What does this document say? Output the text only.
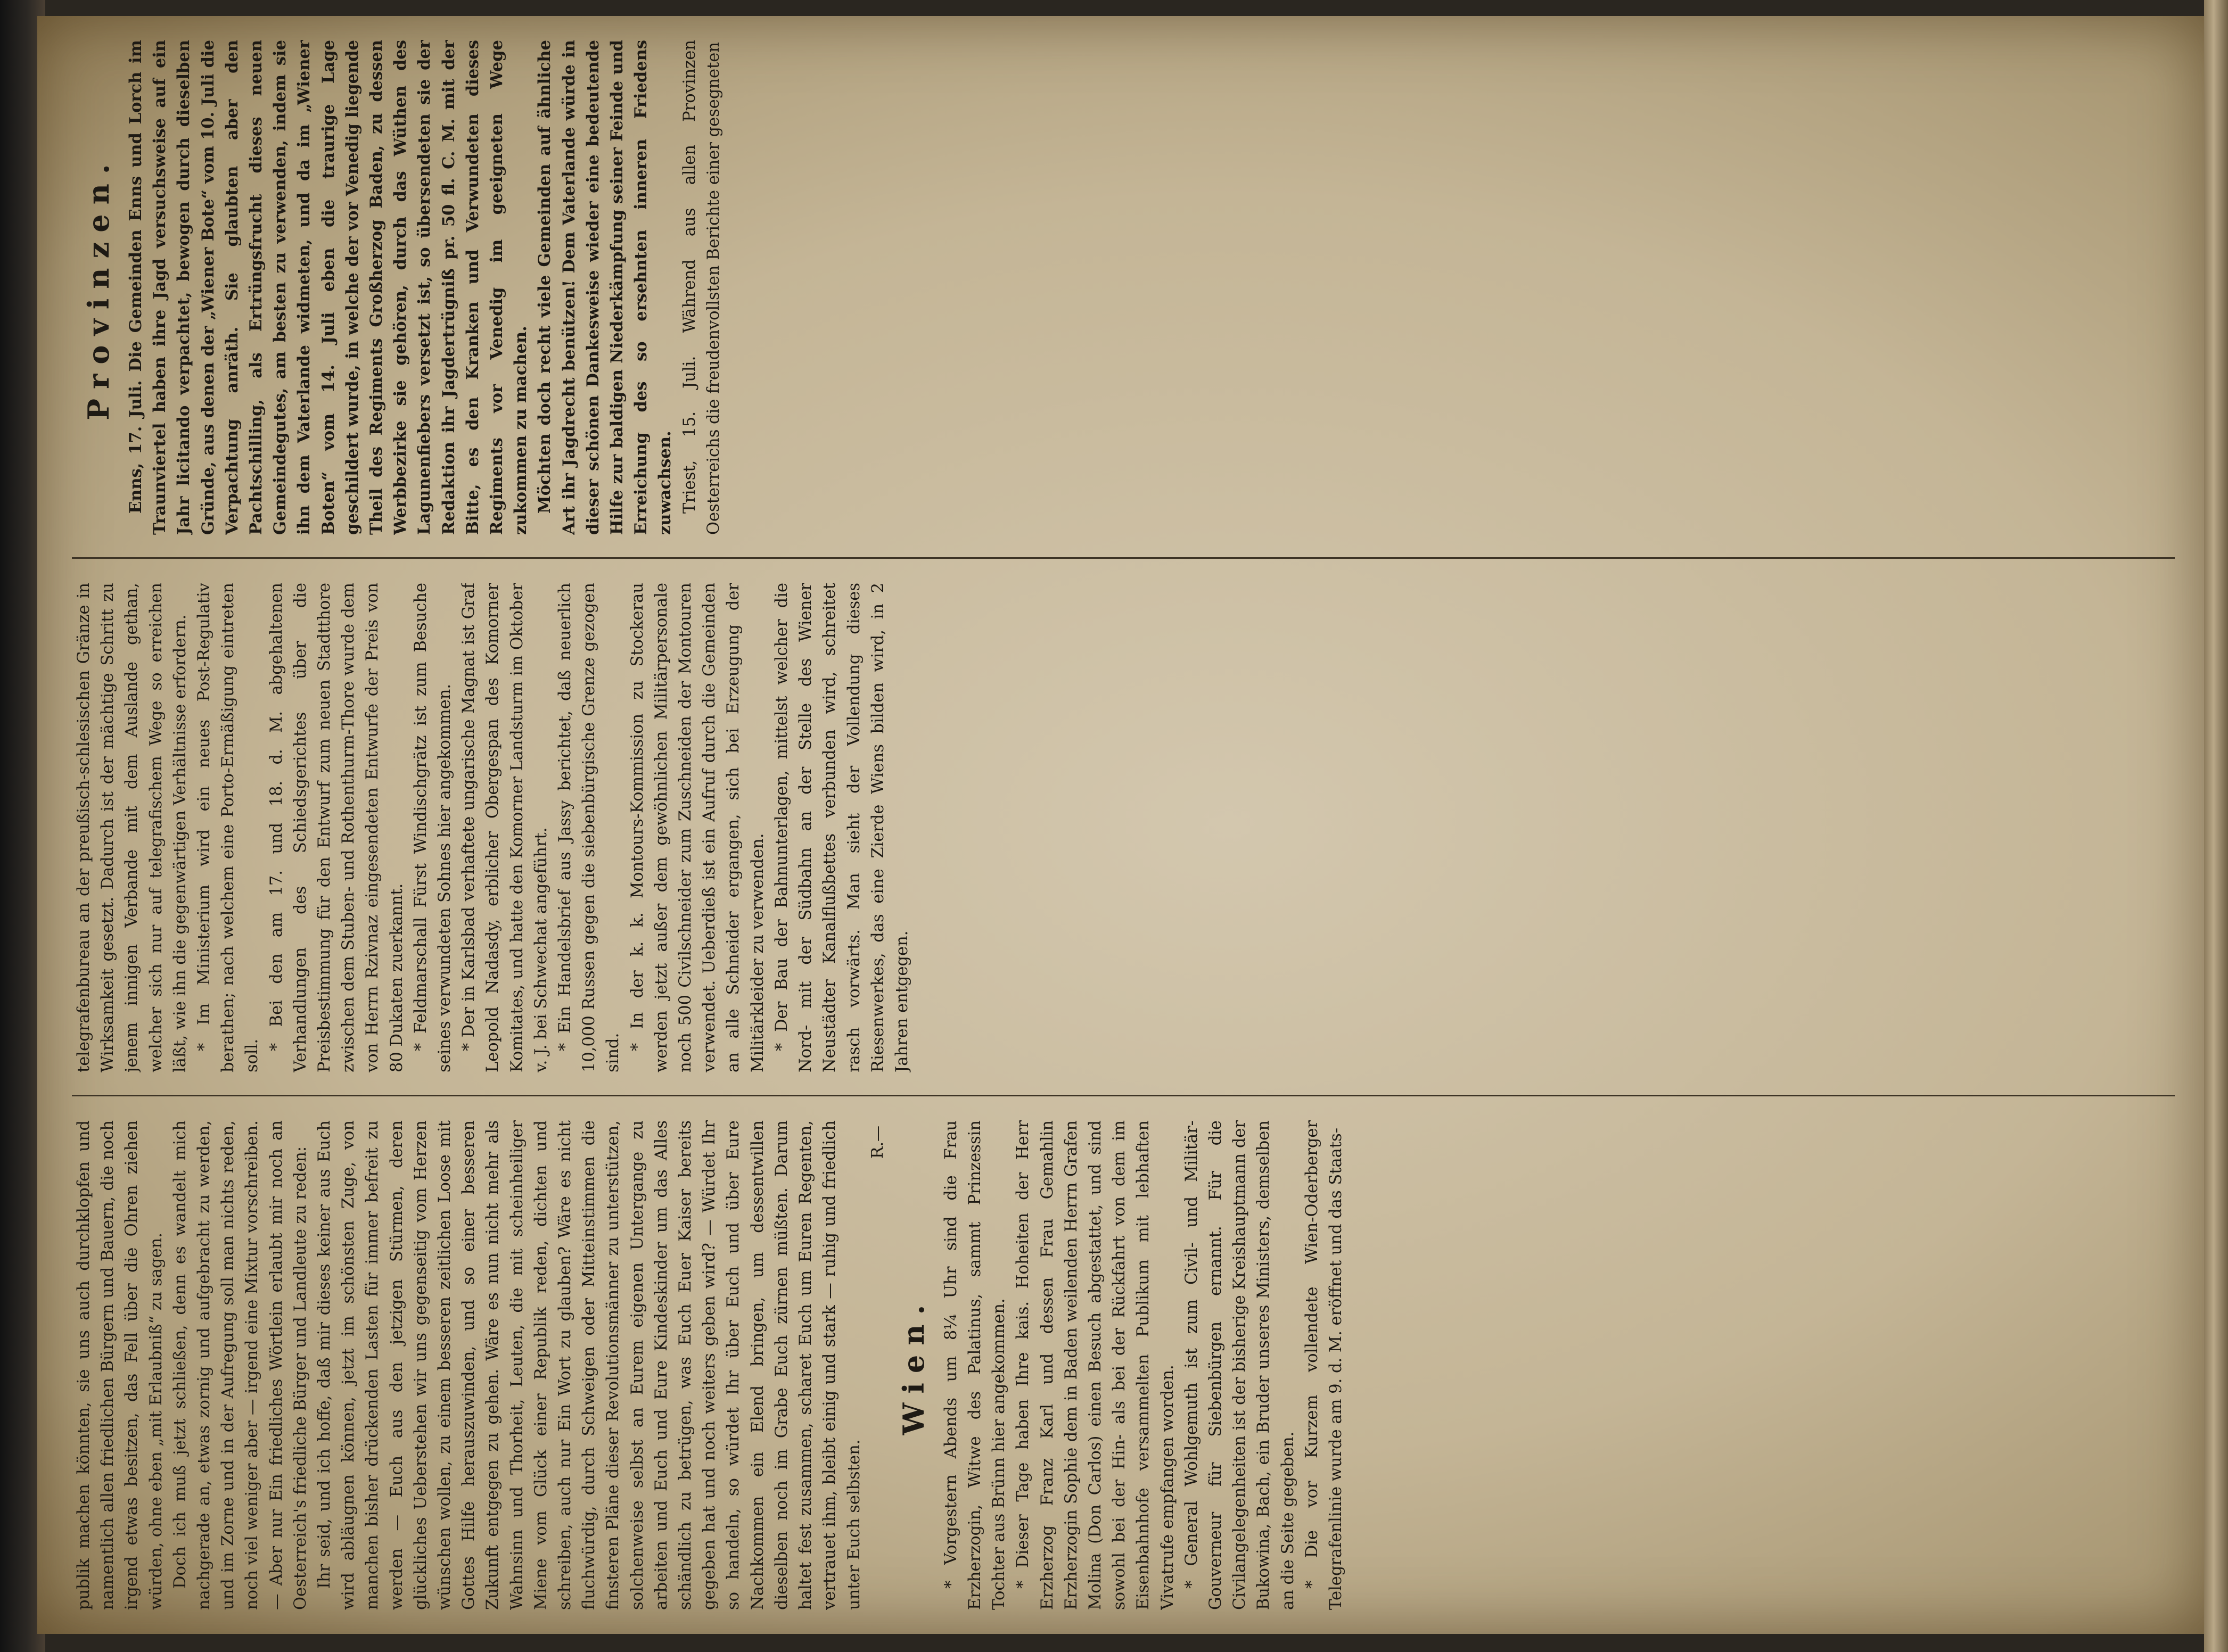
publik machen könnten, sie uns auch durchklopfen und namentlich allen friedlichen Bürgern und Bauern, die noch irgend etwas besitzen, das Fell über die Ohren ziehen würden, ohne eben „mit Erlaubniß“ zu sagen. Doch ich muß jetzt schließen, denn es wandelt mich nachgerade an, etwas zornig und aufgebracht zu werden, und im Zorne und in der Aufregung soll man nichts reden, noch viel weniger aber — irgend eine Mixtur vorschreiben. — Aber nur Ein friedliches Wörtlein erlaubt mir noch an Oesterreich's friedliche Bürger und Landleute zu reden: Ihr seid, und ich hoffe, daß mir dieses keiner aus Euch wird abläugnen können, jetzt im schönsten Zuge, von manchen bisher drückenden Lasten für immer befreit zu werden — Euch aus den jetzigen Stürmen, deren glückliches Ueberstehen wir uns gegenseitig vom Herzen wünschen wollen, zu einem besseren zeitlichen Loose mit Gottes Hilfe herauszuwinden, und so einer besseren Zukunft entgegen zu gehen. Wäre es nun nicht mehr als Wahnsinn und Thorheit, Leuten, die mit scheinheiliger Miene vom Glück einer Republik reden, dichten und schreiben, auch nur Ein Wort zu glauben? Wäre es nicht fluchwürdig, durch Schweigen oder Mitteinstimmen die finsteren Pläne dieser Revolutionsmänner zu unterstützen, solchenweise selbst an Eurem eigenen Untergange zu arbeiten und Euch und Eure Kindeskinder um das Alles schändlich zu betrügen, was Euch Euer Kaiser bereits gegeben hat und noch weiters geben wird? — Würdet Ihr so handeln, so würdet Ihr über Euch und über Eure Nachkommen ein Elend bringen, um dessentwillen dieselben noch im Grabe Euch zürnen müßten. Darum haltet fest zusammen, scharet Euch um Euren Regenten, vertrauet ihm, bleibt einig und stark — ruhig und friedlich unter Euch selbsten.

R.—
Wien. * Vorgestern Abends um 8¼ Uhr sind die Frau Erzherzogin, Witwe des Palatinus, sammt Prinzessin Tochter aus Brünn hier angekommen. * Dieser Tage haben Ihre kais. Hoheiten der Herr Erzherzog Franz Karl und dessen Frau Gemahlin Erzherzogin Sophie dem in Baden weilenden Herrn Grafen Molina (Don Carlos) einen Besuch abgestattet, und sind sowohl bei der Hin- als bei der Rückfahrt von dem im Eisenbahnhofe versammelten Publikum mit lebhaften Vivatrufe empfangen worden. * General Wohlgemuth ist zum Civil- und Militär-Gouverneur für Siebenbürgen ernannt. Für die Civilangelegenheiten ist der bisherige Kreishauptmann der Bukowina, Bach, ein Bruder unseres Ministers, demselben an die Seite gegeben. * Die vor Kurzem vollendete Wien-Oderberger Telegrafenlinie wurde am 9. d. M. eröffnet und das Staats-

telegrafenbureau an der preußisch-schlesischen Gränze in Wirksamkeit gesetzt. Dadurch ist der mächtige Schritt zu jenem innigen Verbande mit dem Auslande gethan, welcher sich nur auf telegrafischem Wege so erreichen läßt, wie ihn die gegenwärtigen Verhältnisse erfordern. * Im Ministerium wird ein neues Post-Regulativ berathen; nach welchem eine Porto-Ermäßigung eintreten soll.

* Bei den am 17. und 18. d. M. abgehaltenen Verhandlungen des Schiedsgerichtes über die Preisbestimmung für den Entwurf zum neuen Stadtthore zwischen dem Stuben- und Rothenthurm-Thore wurde dem von Herrn Rzivnaz eingesendeten Entwurfe der Preis von 80 Dukaten zuerkannt. * Feldmarschall Fürst Windischgrätz ist zum Besuche seines verwundeten Sohnes hier angekommen. * Der in Karlsbad verhaftete ungarische Magnat ist Graf Leopold Nadasdy, erblicher Obergespan des Komorner Komitates, und hatte den Komorner Landsturm im Oktober v. J. bei Schwechat angeführt. * Ein Handelsbrief aus Jassy berichtet, daß neuerlich 10,000 Russen gegen die siebenbürgische Grenze gezogen sind.

* In der k. k. Montours-Kommission zu Stockerau werden jetzt außer dem gewöhnlichen Militärpersonale noch 500 Civilschneider zum Zuschneiden der Montouren verwendet. Ueberdieß ist ein Aufruf durch die Gemeinden an alle Schneider ergangen, sich bei Erzeugung der Militärkleider zu verwenden. * Der Bau der Bahnunterlagen, mittelst welcher die Nord- mit der Südbahn an der Stelle des Wiener Neustädter Kanalflußbettes verbunden wird, schreitet rasch vorwärts. Man sieht der Vollendung dieses Riesenwerkes, das eine Zierde Wiens bilden wird, in 2 Jahren entgegen.

Provinzen. Enns, 17. Juli. Die Gemeinden Enns und Lorch im Traunviertel haben ihre Jagd versuchsweise auf ein Jahr licitando verpachtet, bewogen durch dieselben Gründe, aus denen der „Wiener Bote“ vom 10. Juli die Verpachtung anräth. Sie glaubten aber den Pachtschilling, als Ertrüngsfrucht dieses neuen Gemeindegutes, am besten zu verwenden, indem sie ihn dem Vaterlande widmeten, und da im „Wiener Boten“ vom 14. Juli eben die traurige Lage geschildert wurde, in welche der vor Venedig liegende Theil des Regiments Großherzog Baden, zu dessen Werbbezirke sie gehören, durch das Wüthen des Lagunenfiebers versetzt ist, so übersendeten sie der Redaktion ihr Jagdertrügniß pr. 50 fl. C. M. mit der Bitte, es den Kranken und Verwundeten dieses Regiments vor Venedig im geeigneten Wege zukommen zu machen. Möchten doch recht viele Gemeinden auf ähnliche Art ihr Jagdrecht benützen! Dem Vaterlande würde in dieser schönen Dankesweise wieder eine bedeutende Hilfe zur baldigen Niederkämpfung seiner Feinde und Erreichung des so ersehnten inneren Friedens zuwachsen. Triest, 15. Juli. Während aus allen Provinzen Oesterreichs die freudenvollsten Berichte einer gesegneten
